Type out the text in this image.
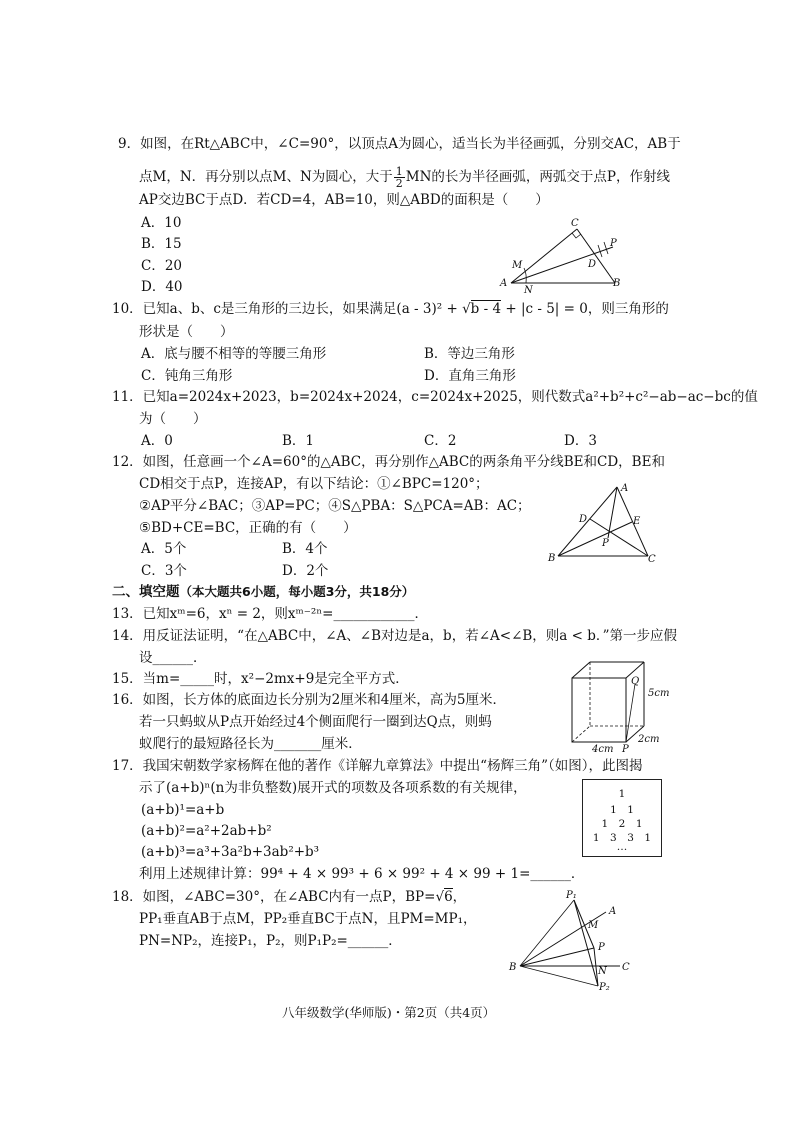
9．如图，在Rt△ABC中，∠C=90°，以顶点A为圆心，适当长为半径画弧，分别交AC，AB于
点M，N．再分别以点M、N为圆心，大于 $\frac{1}{2}$ MN的长为半径画弧，两弧交于点P，作射线
AP交边BC于点D．若CD=4，AB=10，则△ABD的面积是（　　）
A．10
B．15
C．20
D．40	A	B
C
D
M
N
P
10．已知a、b、c是三角形的三边长，如果满足(a - 3)² + √b - 4 + |c - 5| = 0，则三角形的
形状是（　　）
A．底与腰不相等的等腰三角形	B．等边三角形
C．钝角三角形	D．直角三角形
11．已知a=2024x+2023，b=2024x+2024，c=2024x+2025，则代数式a²+b²+c²−ab−ac−bc的值
为（　　）
A．0	B．1	C．2	D．3
12．如图，任意画一个∠A=60°的△ABC，再分别作△ABC的两条角平分线BE和CD，BE和
CD相交于点P，连接AP，有以下结论：①∠BPC=120°；
②AP平分∠BAC；③AP=PC；④S△PBA：S△PCA=AB：AC；
⑤BD+CE=BC，正确的有（　　）
A．5个	B．4个
C．3个	D．2个
A
B	C
D	E
P
二、填空题（本大题共6小题，每小题3分，共18分）
13．已知xᵐ=6，xⁿ = 2，则xᵐ⁻²ⁿ=____________．
14．用反证法证明，“在△ABC中，∠A、∠B对边是a，b，若∠A<∠B，则a < b．”第一步应假
设______．
15．当m=_____时，x²−2mx+9是完全平方式．
16．如图，长方体的底面边长分别为2厘米和4厘米，高为5厘米．
若一只蚂蚁从P点开始经过4个侧面爬行一圈到达Q点，则蚂
蚁爬行的最短路径长为_______厘米．
Q
P
5cm
4cm
2cm
17．我国宋朝数学家杨辉在他的著作《详解九章算法》中提出“杨辉三角”（如图），此图揭
示了(a+b)ⁿ(n为非负整数)展开式的项数及各项系数的有关规律，
(a+b)¹=a+b
(a+b)²=a²+2ab+b²
(a+b)³=a³+3a²b+3ab²+b³
利用上述规律计算：99⁴ + 4 × 99³ + 6 × 99² + 4 × 99 + 1=______．
1
1　1
1　2　1
1　3　3　1
…
18．如图，∠ABC=30°，在∠ABC内有一点P，BP=√6，
PP₁垂直AB于点M，PP₂垂直BC于点N，且PM=MP₁，
PN=NP₂，连接P₁，P₂，则P₁P₂=______．
B
A
C
M
N
P
P₁
P₂
八年级数学(华师版)・第2页（共4页）
